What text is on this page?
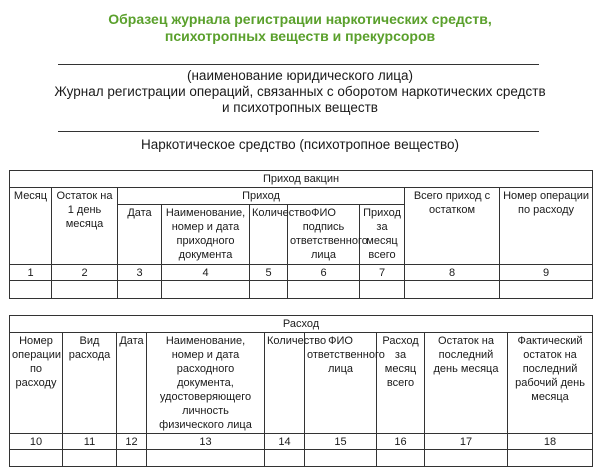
Образец журнала регистрации наркотических средств,
психотропных веществ и прекурсоров
(наименование юридического лица)
Журнал регистрации операций, связанных с оборотом наркотических средств
и психотропных веществ
Наркотическое средство (психотропное вещество)
Приход вакцин								
Месяц	Остаток на 1 день месяца	Приход					Всего приход с остатком	Номер операции по расходу
		Дата	Наименование, номер и дата приходного документа	Количество	ФИО подпись ответственного лица	Приход за месяц всего		
1	2	3	4	5	6	7	8	9

Расход								
Номер операции по расходу	Вид расхода	Дата	Наименование, номер и дата расходного документа, удостоверяющего личность физического лица	Количество	ФИО ответственного лица	Расход за месяц всего	Остаток на последний день месяца	Фактический остаток на последний рабочий день месяца
10	11	12	13	14	15	16	17	18
